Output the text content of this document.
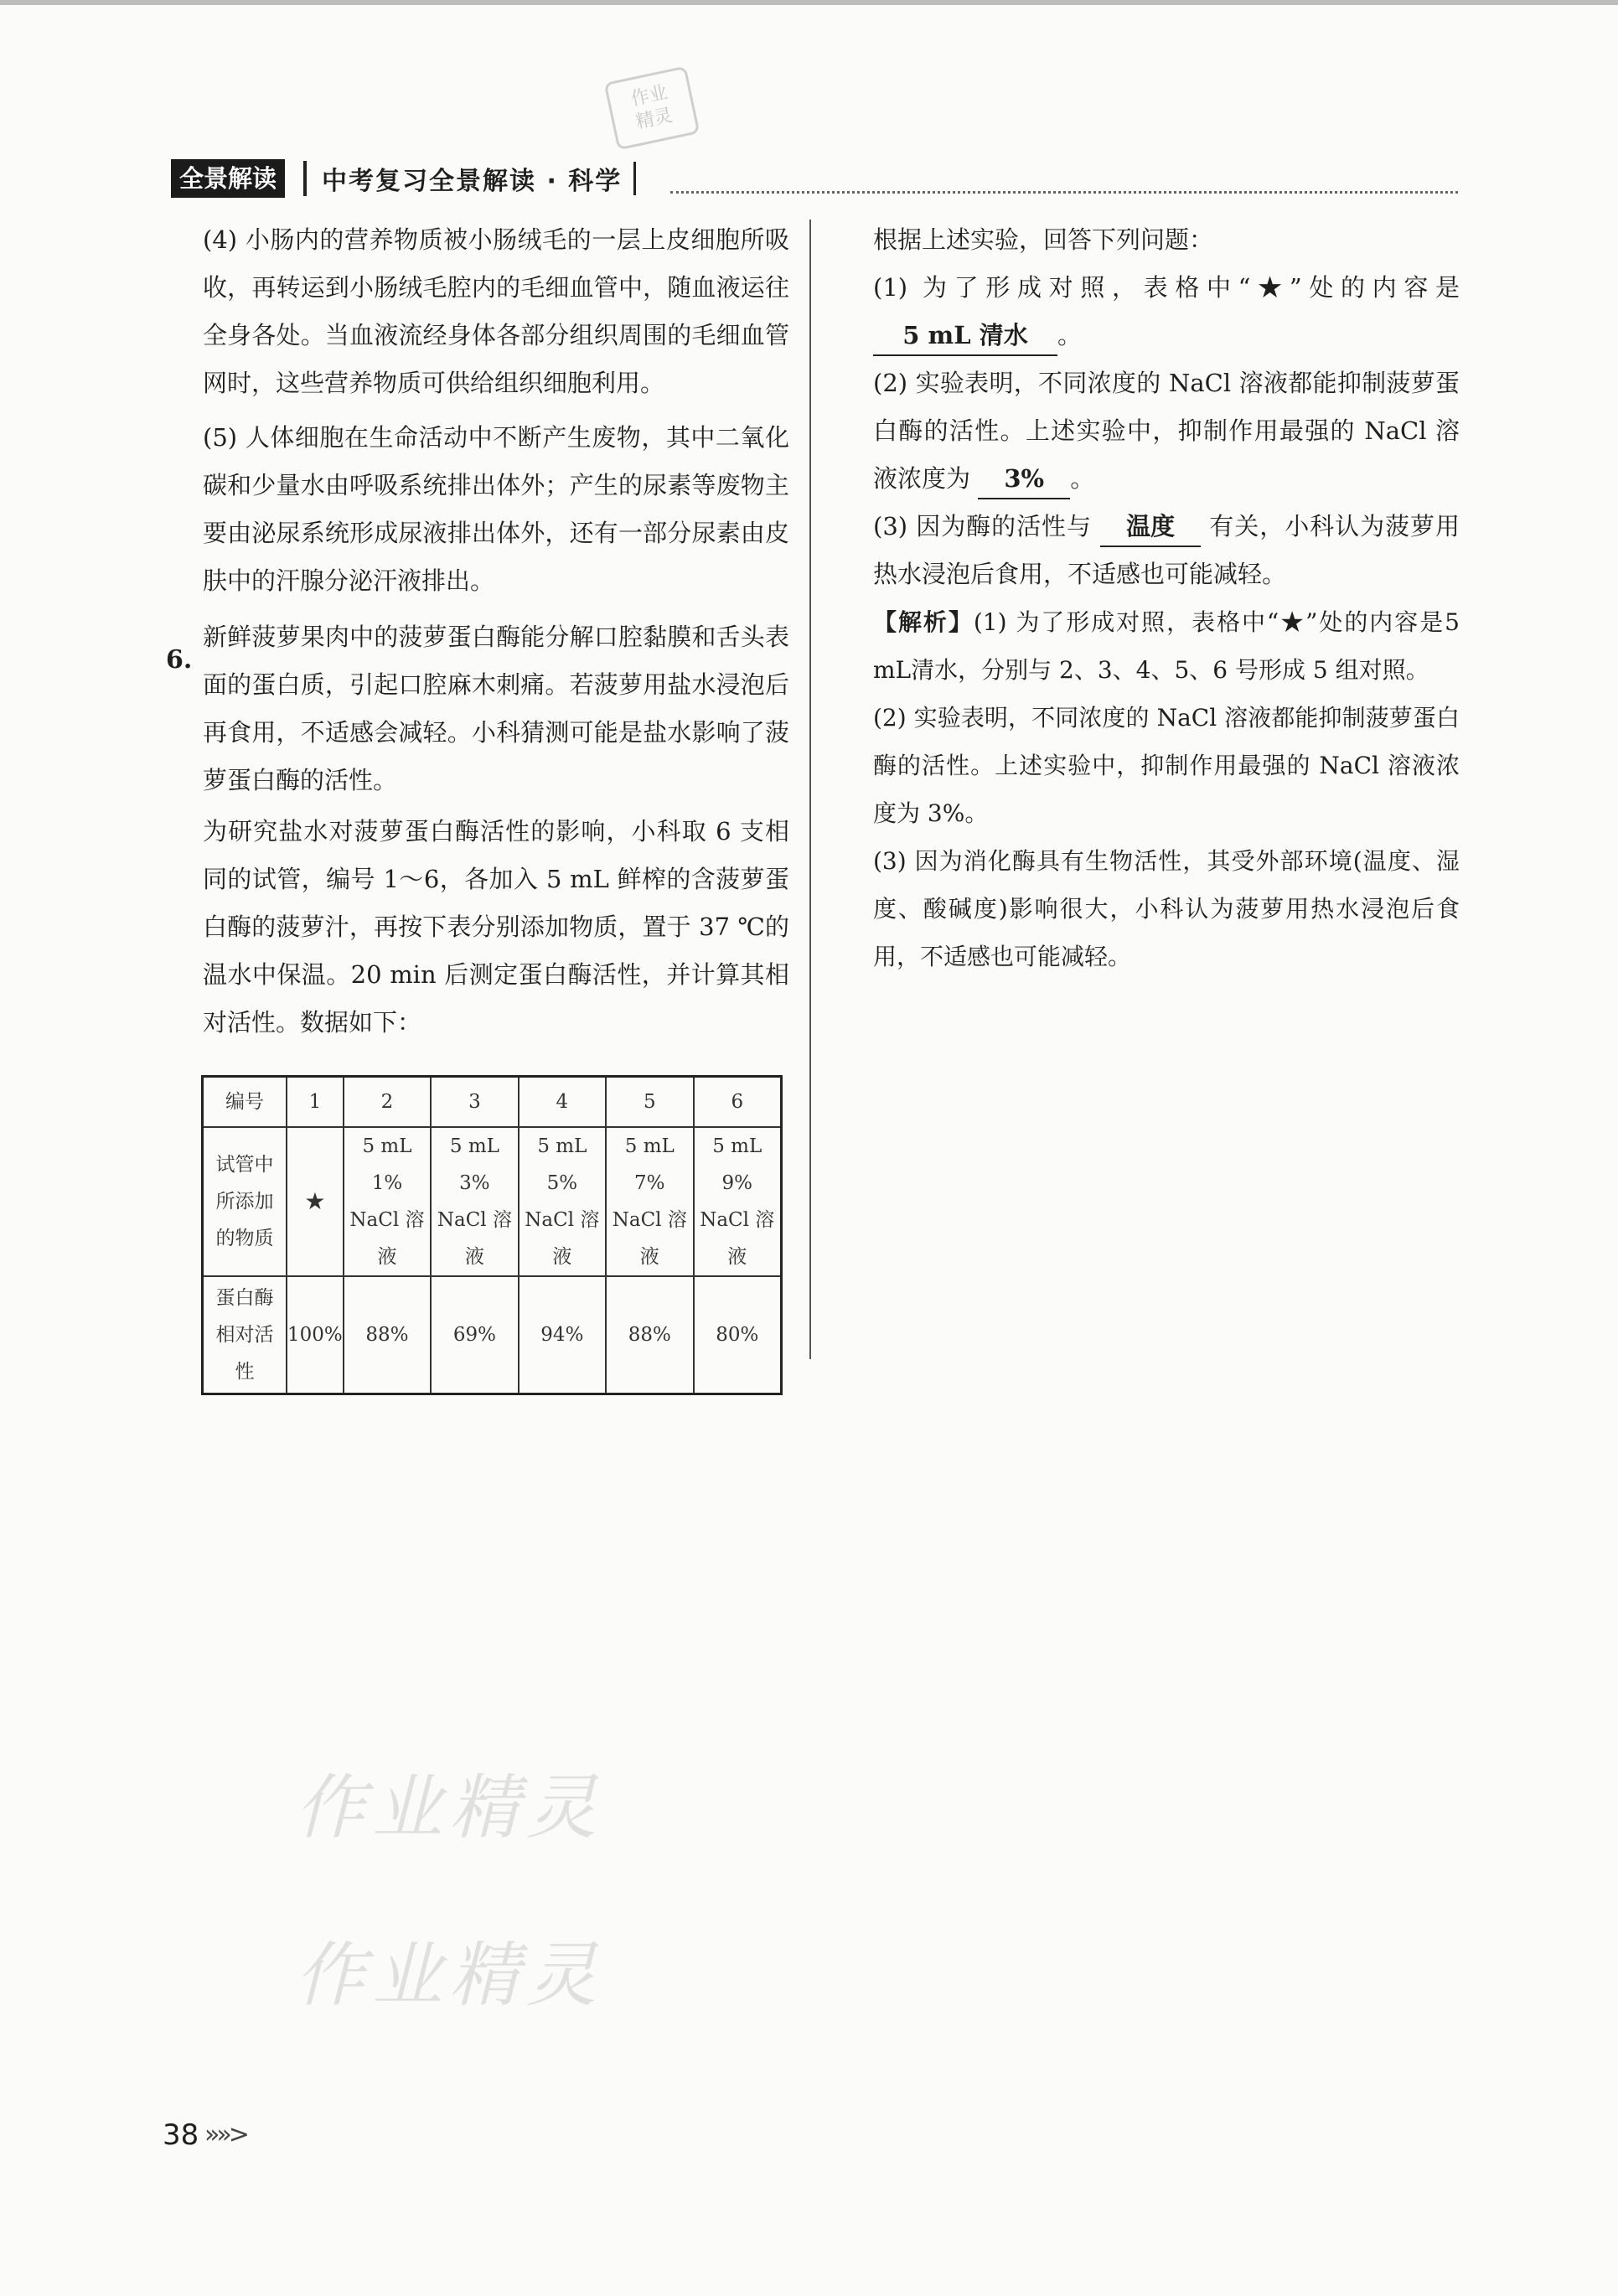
作业
精灵
全景解读	中考复习全景解读 · 科学

(4) 小肠内的营养物质被小肠绒毛的一层上皮细胞所吸收，再转运到小肠绒毛腔内的毛细血管中，随血液运往全身各处。当血液流经身体各部分组织周围的毛细血管网时，这些营养物质可供给组织细胞利用。

(5) 人体细胞在生命活动中不断产生废物，其中二氧化碳和少量水由呼吸系统排出体外；产生的尿素等废物主要由泌尿系统形成尿液排出体外，还有一部分尿素由皮肤中的汗腺分泌汗液排出。

新鲜菠萝果肉中的菠萝蛋白酶能分解口腔黏膜和舌头表面的蛋白质，引起口腔麻木刺痛。若菠萝用盐水浸泡后再食用，不适感会减轻。小科猜测可能是盐水影响了菠萝蛋白酶的活性。

为研究盐水对菠萝蛋白酶活性的影响，小科取 6 支相同的试管，编号 1～6，各加入 5 mL 鲜榨的含菠萝蛋白酶的菠萝汁，再按下表分别添加物质，置于 37 ℃的温水中保温。20 min 后测定蛋白酶活性，并计算其相对活性。数据如下：

6.
编号	1	2	3	4	5	6
试管中所添加的物质	★	5 mL 1% NaCl 溶液	5 mL 3% NaCl 溶液	5 mL 5% NaCl 溶液	5 mL 7% NaCl 溶液	5 mL 9% NaCl 溶液
蛋白酶相对活性	100%	88%	69%	94%	88%	80%

根据上述实验，回答下列问题：

(1) 为了形成对照，表格中“★”处的内容是 5 mL 清水 。

(2) 实验表明，不同浓度的 NaCl 溶液都能抑制菠萝蛋白酶的活性。上述实验中，抑制作用最强的 NaCl 溶液浓度为 3% 。

(3) 因为酶的活性与 温度 有关，小科认为菠萝用热水浸泡后食用，不适感也可能减轻。

【解析】(1) 为了形成对照，表格中“★”处的内容是5 mL清水，分别与 2、3、4、5、6 号形成 5 组对照。

(2) 实验表明，不同浓度的 NaCl 溶液都能抑制菠萝蛋白酶的活性。上述实验中，抑制作用最强的 NaCl 溶液浓度为 3%。

(3) 因为消化酶具有生物活性，其受外部环境(温度、湿度、酸碱度)影响很大，小科认为菠萝用热水浸泡后食用，不适感也可能减轻。

作业精灵
作业精灵
38 »»>
